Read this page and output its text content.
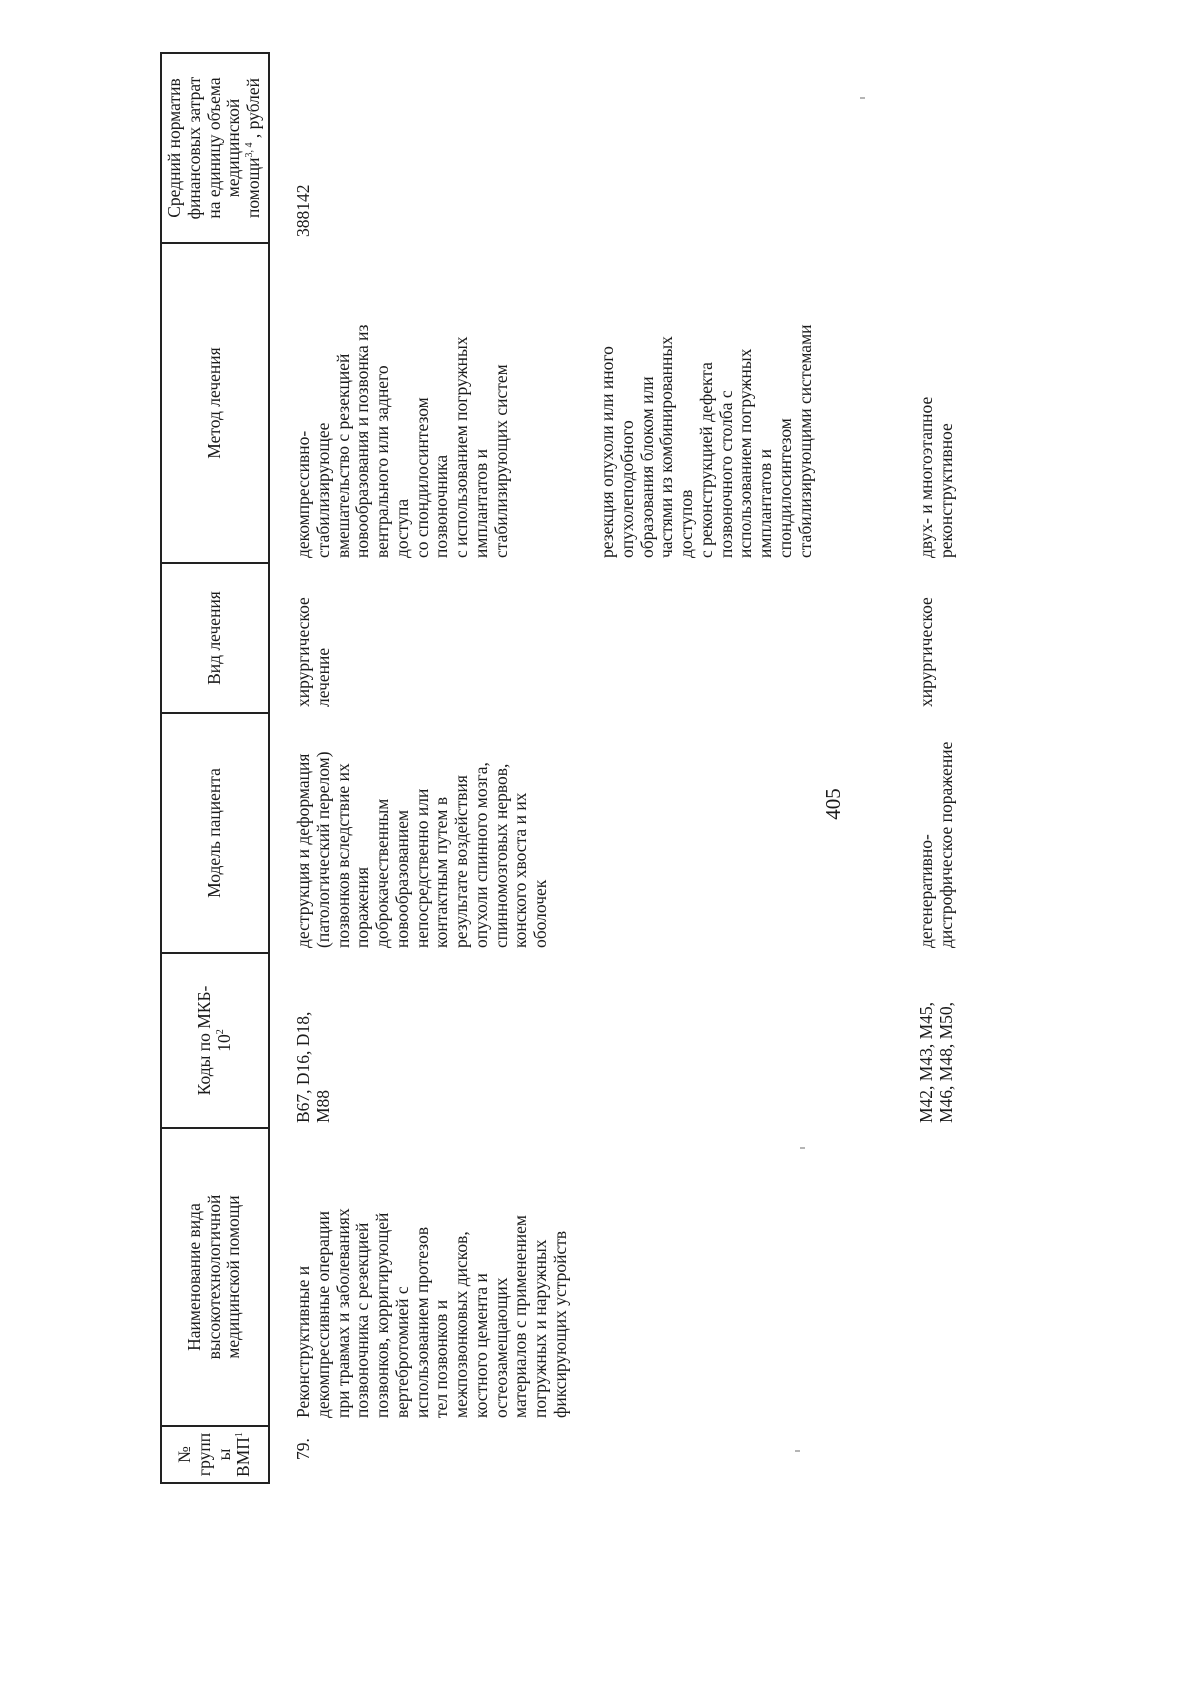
405
№
групп
ы
ВМП$^1$
Наименование вида
высокотехнологичной
медицинской помощи
Коды по МКБ-
$10^2$
Модель пациента
Вид лечения
Метод лечения
Средний норматив
финансовых затрат
на единицу объема
медицинской
помощи$^{3, 4}$ , рублей
79.
Реконструктивные и
декомпрессивные операции
при травмах и заболеваниях
позвоночника с резекцией
позвонков, корригирующей
вертебротомией с
использованием протезов
тел позвонков и
межпозвонковых дисков,
костного цемента и
остеозамещающих
материалов с применением
погружных и наружных
фиксирующих устройств
B67, D16, D18,
M88
деструкция и деформация
(патологический перелом)
позвонков вследствие их
поражения
доброкачественным
новообразованием
непосредственно или
контактным путем в
результате воздействия
опухоли спинного мозга,
спинномозговых нервов,
конского хвоста и их
оболочек
хирургическое
лечение
декомпрессивно-
стабилизирующее
вмешательство с резекцией
новообразования и позвонка из
вентрального или заднего
доступа
со спондилосинтезом
позвоночника
с использованием погружных
имплантатов и
стабилизирующих систем
резекция опухоли или иного
опухолеподобного
образования блоком или
частями из комбинированных
доступов
с реконструкцией дефекта
позвоночного столба с
использованием погружных
имплантатов и
спондилосинтезом
стабилизирующими системами
388142
M42, M43, M45,
M46, M48, M50,
дегенеративно-
дистрофическое поражение
хирургическое
двух- и многоэтапное
реконструктивное
